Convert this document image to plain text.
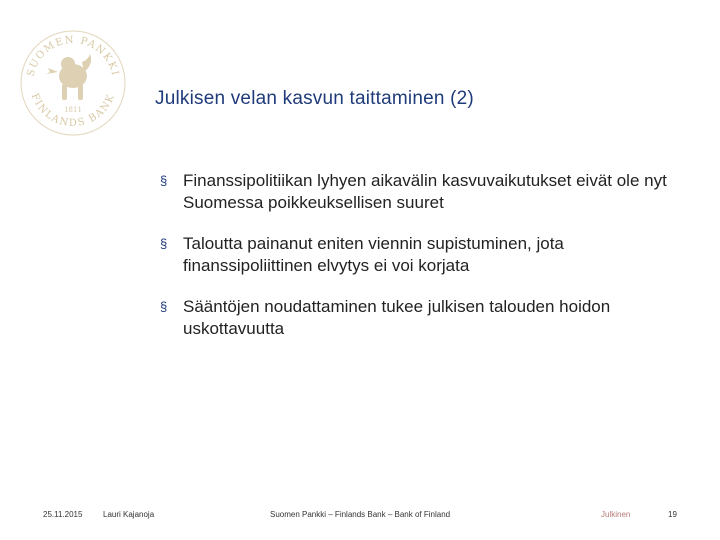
SUOMEN PANKKI
FINLANDS BANK
1811
Julkisen velan kasvun taittaminen (2)
§ Finanssipolitiikan lyhyen aikavälin kasvuvaikutukset eivät ole nyt Suomessa poikkeuksellisen suuret
§ Taloutta painanut eniten viennin supistuminen, jota finanssipoliittinen elvytys ei voi korjata
§ Sääntöjen noudattaminen tukee julkisen talouden hoidon uskottavuutta
25.11.2015	Lauri Kajanoja	Suomen Pankki – Finlands Bank – Bank of Finland	Julkinen	19
